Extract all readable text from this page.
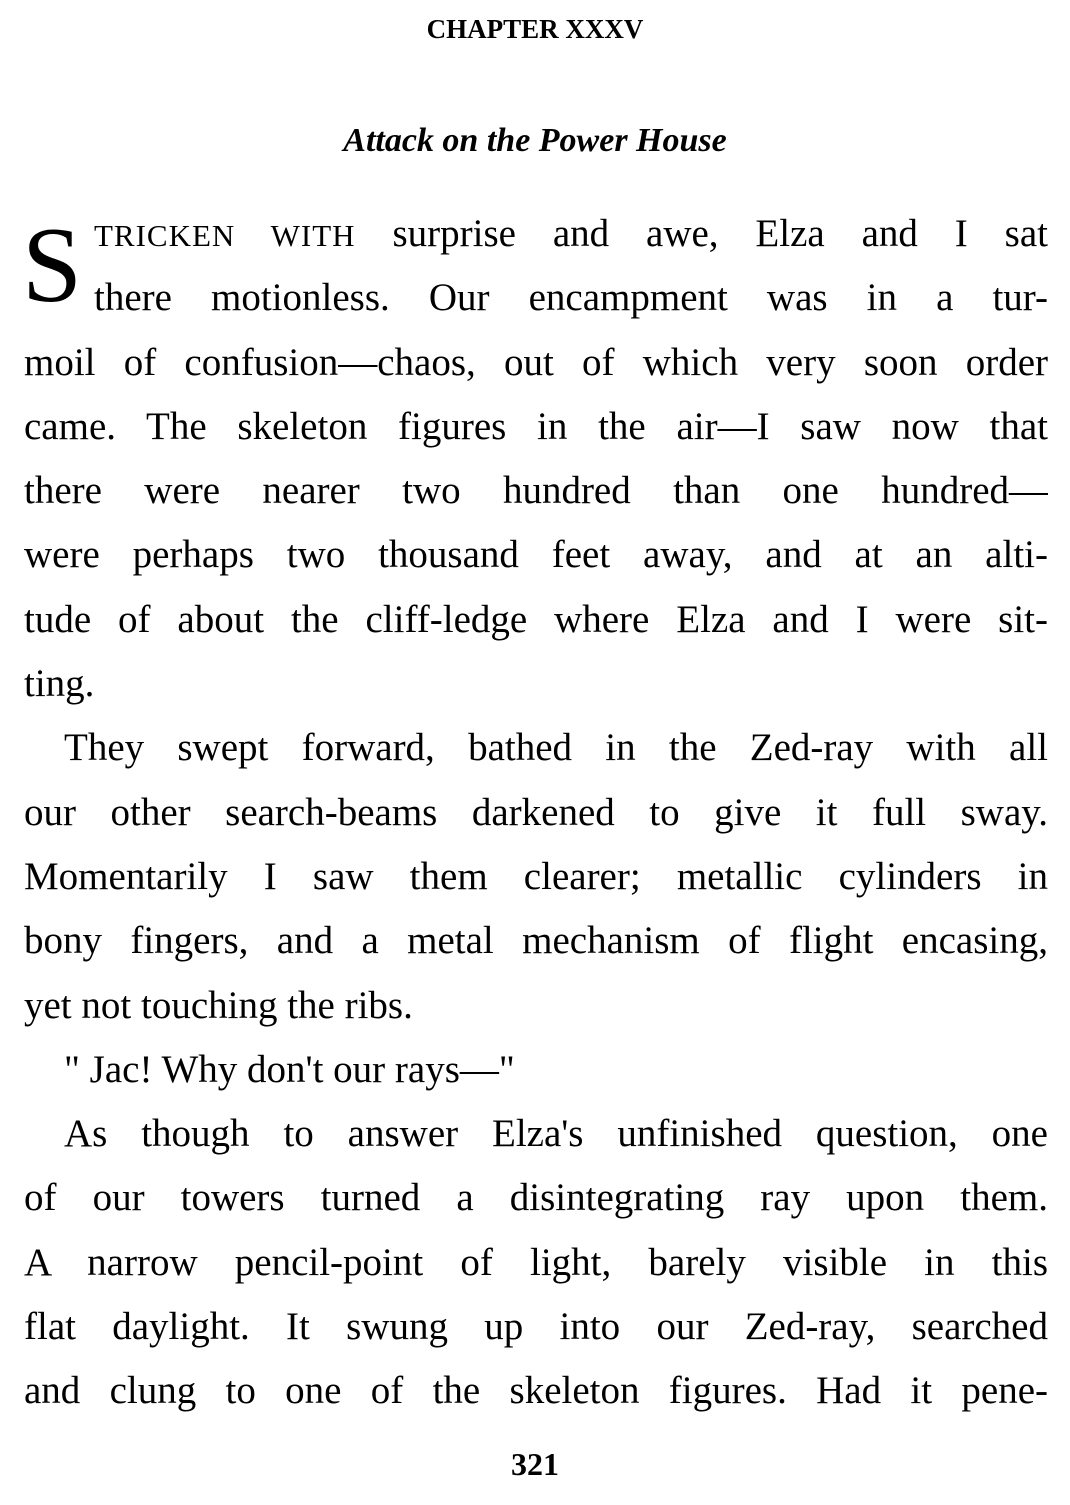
CHAPTER XXXV
Attack on the Power House

S TRICKEN WITH surprise and awe, Elza and I sat
there motionless. Our encampment was in a tur-
moil of confusion—chaos, out of which very soon order
came. The skeleton figures in the air—I saw now that
there were nearer two hundred than one hundred—
were perhaps two thousand feet away, and at an alti-
tude of about the cliff-ledge where Elza and I were sit-
ting.

They swept forward, bathed in the Zed-ray with all
our other search-beams darkened to give it full sway.
Momentarily I saw them clearer; metallic cylinders in
bony fingers, and a metal mechanism of flight encasing,
yet not touching the ribs.

" Jac! Why don't our rays—"

As though to answer Elza's unfinished question, one
of our towers turned a disintegrating ray upon them.
A narrow pencil-point of light, barely visible in this
flat daylight. It swung up into our Zed-ray, searched
and clung to one of the skeleton figures. Had it pene-

321
